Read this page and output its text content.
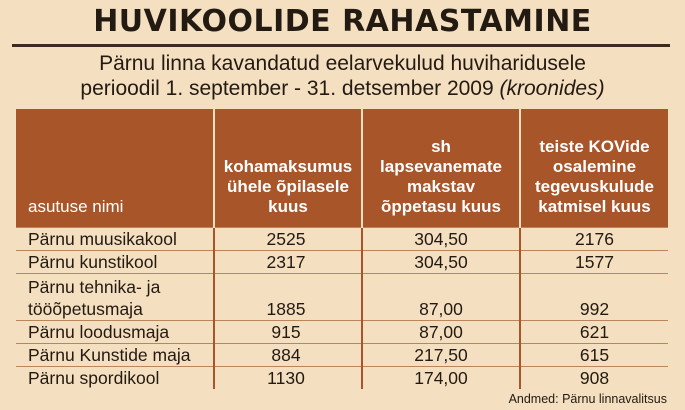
HUVIKOOLIDE RAHASTAMINE
Pärnu linna kavandatud eelarvekulud huviharidusele
perioodil 1. september - 31. detsember 2009 (kroonides)
asutuse nimi	kohamaksumus ühele õpilasele kuus	sh lapsevanemate makstav õppetasu kuus	teiste KOVide osalemine tegevuskulude katmisel kuus
Pärnu muusikakool	2525	304,50	2176
Pärnu kunstikool	2317	304,50	1577
Pärnu tehnika- ja tööõpetusmaja	1885	87,00	992
Pärnu loodusmaja	915	87,00	621
Pärnu Kunstide maja	884	217,50	615
Pärnu spordikool	1130	174,00	908
Andmed: Pärnu linnavalitsus
